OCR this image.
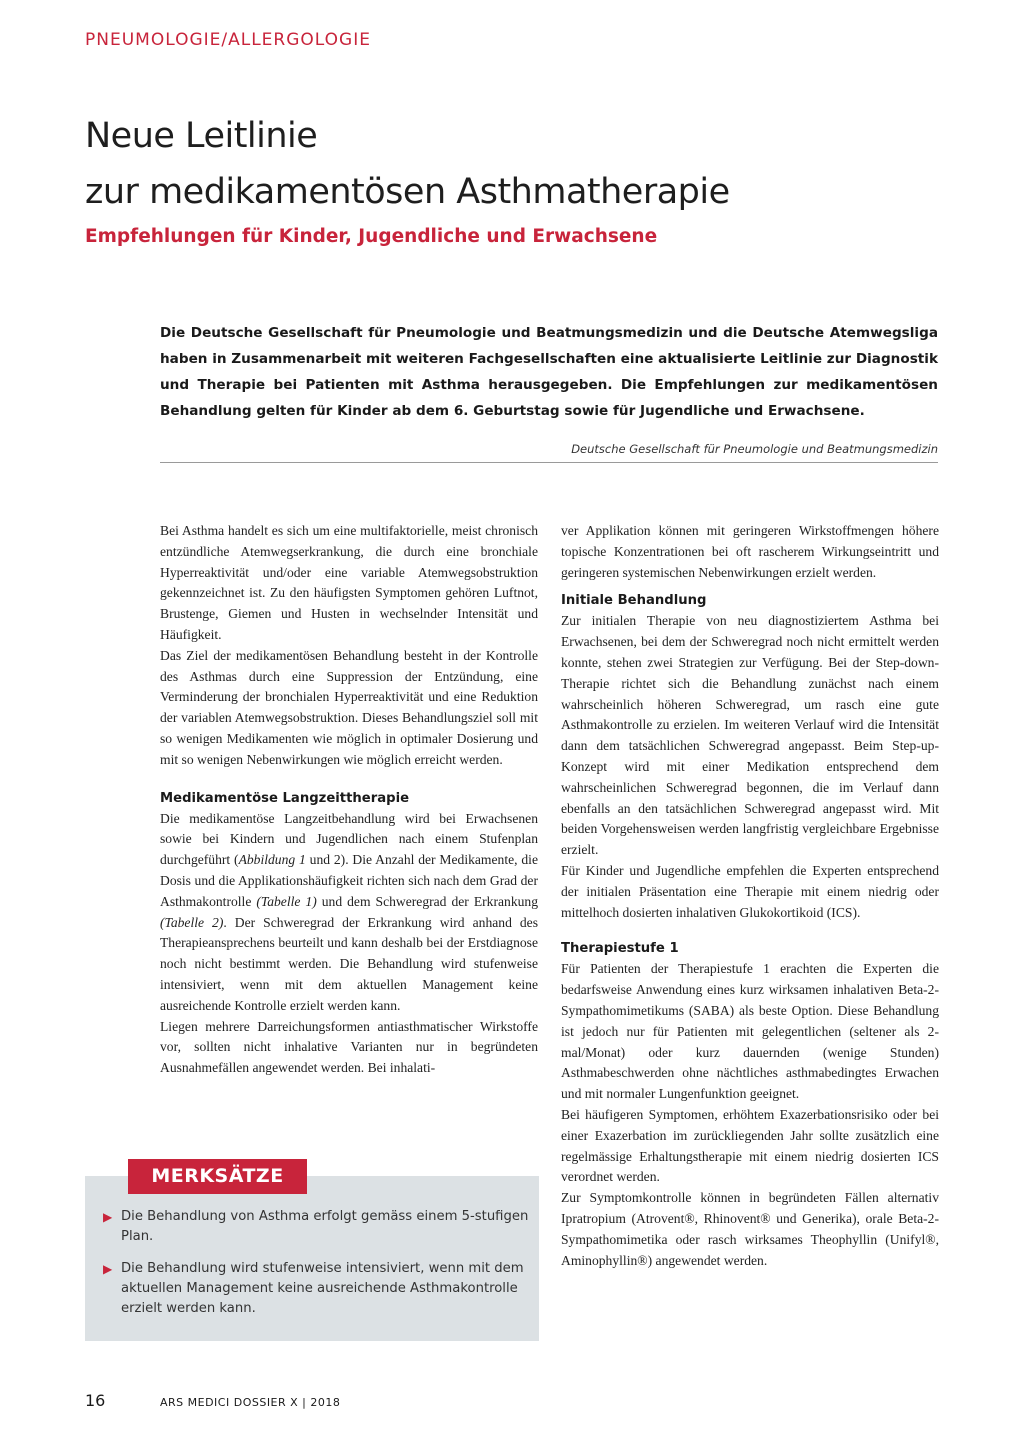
PNEUMOLOGIE/ALLERGOLOGIE
Neue Leitlinie
zur medikamentösen Asthmatherapie
Empfehlungen für Kinder, Jugendliche und Erwachsene

Die Deutsche Gesellschaft für Pneumologie und Beatmungsmedizin und die Deutsche Atemwegsliga haben in Zusammenarbeit mit weiteren Fachgesellschaften eine aktualisierte Leitlinie zur Diagnostik und Therapie bei Patienten mit Asthma herausgegeben. Die Empfehlungen zur medikamentösen Behandlung gelten für Kinder ab dem 6. Geburtstag sowie für Jugendliche und Erwachsene.

Deutsche Gesellschaft für Pneumologie und Beatmungsmedizin

Bei Asthma handelt es sich um eine multifaktorielle, meist chronisch entzündliche Atemwegserkrankung, die durch eine bronchiale Hyperreaktivität und/oder eine variable Atemwegsobstruktion gekennzeichnet ist. Zu den häufigsten Symptomen gehören Luftnot, Brustenge, Giemen und Husten in wechselnder Intensität und Häufigkeit.

Das Ziel der medikamentösen Behandlung besteht in der Kontrolle des Asthmas durch eine Suppression der Entzündung, eine Verminderung der bronchialen Hyperreaktivität und eine Reduktion der variablen Atemwegsobstruktion. Dieses Behandlungsziel soll mit so wenigen Medikamenten wie möglich in optimaler Dosierung und mit so wenigen Nebenwirkungen wie möglich erreicht werden.

Medikamentöse Langzeittherapie

Die medikamentöse Langzeitbehandlung wird bei Erwachsenen sowie bei Kindern und Jugendlichen nach einem Stufenplan durchgeführt (Abbildung 1 und 2). Die Anzahl der Medikamente, die Dosis und die Applikationshäufigkeit richten sich nach dem Grad der Asthmakontrolle (Tabelle 1) und dem Schweregrad der Erkrankung (Tabelle 2). Der Schweregrad der Erkrankung wird anhand des Therapieansprechens beurteilt und kann deshalb bei der Erstdiagnose noch nicht bestimmt werden. Die Behandlung wird stufenweise intensiviert, wenn mit dem aktuellen Management keine ausreichende Kontrolle erzielt werden kann.

Liegen mehrere Darreichungsformen antiasthmatischer Wirkstoffe vor, sollten nicht inhalative Varianten nur in begründeten Ausnahmefällen angewendet werden. Bei inhalati-

ver Applikation können mit geringeren Wirkstoffmengen höhere topische Konzentrationen bei oft rascherem Wirkungseintritt und geringeren systemischen Nebenwirkungen erzielt werden.

Initiale Behandlung

Zur initialen Therapie von neu diagnostiziertem Asthma bei Erwachsenen, bei dem der Schweregrad noch nicht ermittelt werden konnte, stehen zwei Strategien zur Verfügung. Bei der Step-down-Therapie richtet sich die Behandlung zunächst nach einem wahrscheinlich höheren Schweregrad, um rasch eine gute Asthmakontrolle zu erzielen. Im weiteren Verlauf wird die Intensität dann dem tatsächlichen Schweregrad angepasst. Beim Step-up-Konzept wird mit einer Medikation entsprechend dem wahrscheinlichen Schweregrad begonnen, die im Verlauf dann ebenfalls an den tatsächlichen Schweregrad angepasst wird. Mit beiden Vorgehensweisen werden langfristig vergleichbare Ergebnisse erzielt.

Für Kinder und Jugendliche empfehlen die Experten entsprechend der initialen Präsentation eine Therapie mit einem niedrig oder mittelhoch dosierten inhalativen Glukokortikoid (ICS).

Therapiestufe 1

Für Patienten der Therapiestufe 1 erachten die Experten die bedarfsweise Anwendung eines kurz wirksamen inhalativen Beta-2-Sympathomimetikums (SABA) als beste Option. Diese Behandlung ist jedoch nur für Patienten mit gelegentlichen (seltener als 2-mal/Monat) oder kurz dauernden (wenige Stunden) Asthmabeschwerden ohne nächtliches asthmabedingtes Erwachen und mit normaler Lungenfunktion geeignet.

Bei häufigeren Symptomen, erhöhtem Exazerbationsrisiko oder bei einer Exazerbation im zurückliegenden Jahr sollte zusätzlich eine regelmässige Erhaltungstherapie mit einem niedrig dosierten ICS verordnet werden.

Zur Symptomkontrolle können in begründeten Fällen alternativ Ipratropium (Atrovent®, Rhinovent® und Generika), orale Beta-2-Sympathomimetika oder rasch wirksames Theophyllin (Unifyl®, Aminophyllin®) angewendet werden.

MERKSÄTZE
▶ Die Behandlung von Asthma erfolgt gemäss einem 5-stufigen Plan.
▶ Die Behandlung wird stufenweise intensiviert, wenn mit dem aktuellen Management keine ausreichende Asthmakontrolle erzielt werden kann.
16	ARS MEDICI DOSSIER X | 2018
